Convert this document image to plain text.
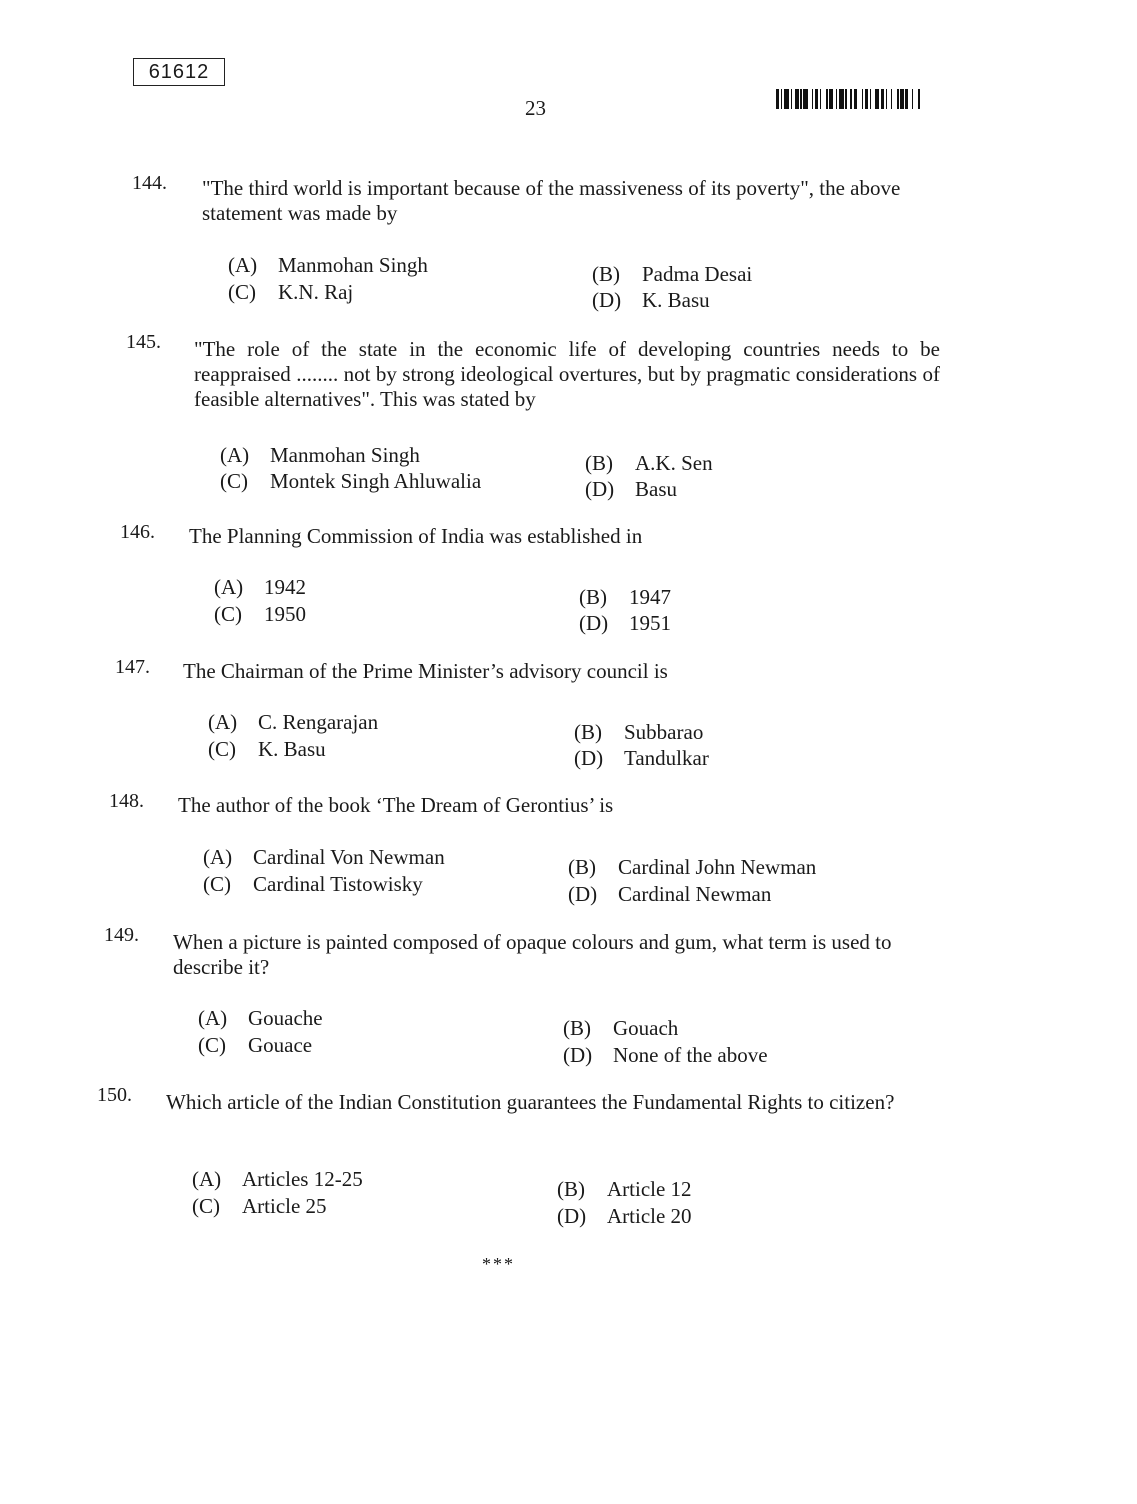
61612
23
144. "The third world is important because of the massiveness of its poverty", the above statement was made by
(A) Manmohan Singh	(B) Padma Desai
(C) K.N. Raj	(D) K. Basu
145. "The role of the state in the economic life of developing countries needs to be reappraised ........ not by strong ideological overtures, but by pragmatic considerations of feasible alternatives". This was stated by
(A) Manmohan Singh	(B) A.K. Sen
(C) Montek Singh Ahluwalia	(D) Basu
146. The Planning Commission of India was established in
(A) 1942	(B) 1947
(C) 1950	(D) 1951
147. The Chairman of the Prime Minister’s advisory council is
(A) C. Rengarajan	(B) Subbarao
(C) K. Basu	(D) Tandulkar
148. The author of the book ‘The Dream of Gerontius’ is
(A) Cardinal Von Newman	(B) Cardinal John Newman
(C) Cardinal Tistowisky	(D) Cardinal Newman
149. When a picture is painted composed of opaque colours and gum, what term is used to describe it?
(A) Gouache	(B) Gouach
(C) Gouace	(D) None of the above
150. Which article of the Indian Constitution guarantees the Fundamental Rights to citizen?
(A) Articles 12-25	(B) Article 12
(C) Article 25	(D) Article 20
***
